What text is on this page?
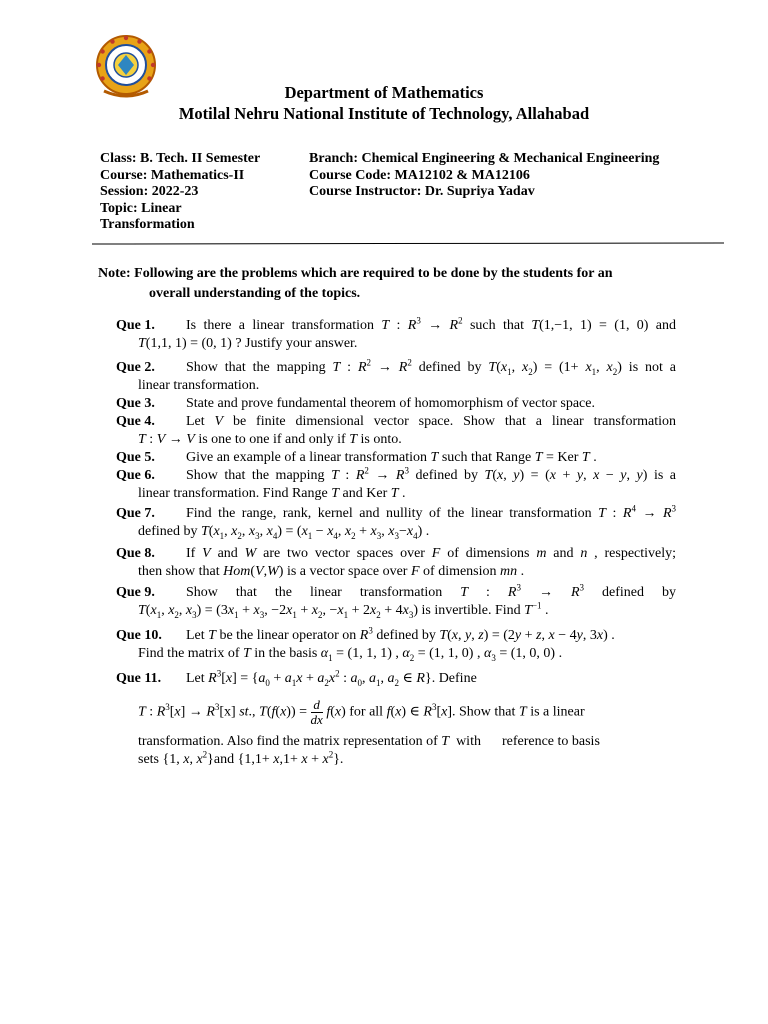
Department of Mathematics
Motilal Nehru National Institute of Technology, Allahabad
Class: B. Tech. II Semester
Course: Mathematics-II
Session: 2022-23
Topic: Linear
Transformation
Branch: Chemical Engineering & Mechanical Engineering
Course Code: MA12102 & MA12106
Course Instructor: Dr. Supriya Yadav
Note: Following are the problems which are required to be done by the students for an
overall understanding of the topics.
Que 1.	Is there a linear transformation T : $R^3 \to R^2$ such that T(1,−1, 1) = (1, 0) and
T(1,1, 1) = (0, 1) ? Justify your answer.
Que 2.	Show that the mapping T : $R^2 \to R^2$ defined by $T(x_1$, $x_2) = (1+ x_1$, $x_2$) is not a
linear transformation.
Que 3.	State and prove fundamental theorem of homomorphism of vector space.
Que 4.	Let V be finite dimensional vector space. Show that a linear transformation
T : V → V is one to one if and only if T is onto.
Que 5.	Give an example of a linear transformation T such that Range T = Ker T .
Que 6.	Show that the mapping T : $R^2 \to R^3$ defined by T(x, y) = (x + y, x − y, y) is a
linear transformation. Find Range T and Ker T .
Que 7.	Find the range, rank, kernel and nullity of the linear transformation T : $R^4 \to R^3$
defined by $T(x_1$, $x_2$, $x_3$, $x_4) = (x_1 - x_4$, $x_2 + x_3$, $x_3-x_4$) .
Que 8.	If V and W are two vector spaces over F of dimensions m and n , respectively;
then show that Hom(V,W) is a vector space over F of dimension mn .
Que 9.	Show that the linear transformation T : $R^3 \to R^3$ defined by
$T(x_1$, $x_2$, $x_3) = (3x_1 + x_3$, $-2x_1 + x_2$, $-x_1 + 2x_2 + 4x_3$) is invertible. Find $T^{-1}$ .
Que 10.	Let T be the linear operator on $R^3$ defined by T(x, y, z) = (2y + z, x − 4y, 3x) .
Find the matrix of T in the basis $\alpha_1 = (1$, 1, 1) , $\alpha_2 = (1$, 1, 0) , $\alpha_3 = (1$, 0, 0) .
Que 11.	Let $R^3[x] = \{a_0 + a_1x + a_2x^2$ : $a_0$, $a_1$, $a_2$ ∈ R}. Define
T : $R^3[x] \to R^3[x]$ st., $T(f(x)) = \frac{d}{dx} f(x)$ for all f(x) ∈ $R^3[x]$. Show that T is a linear
transformation. Also find the matrix representation of T  with      reference to basis
sets {1, x, $x^2\}and$ $\{1,1+ x,1+ x + x^2\}$.
